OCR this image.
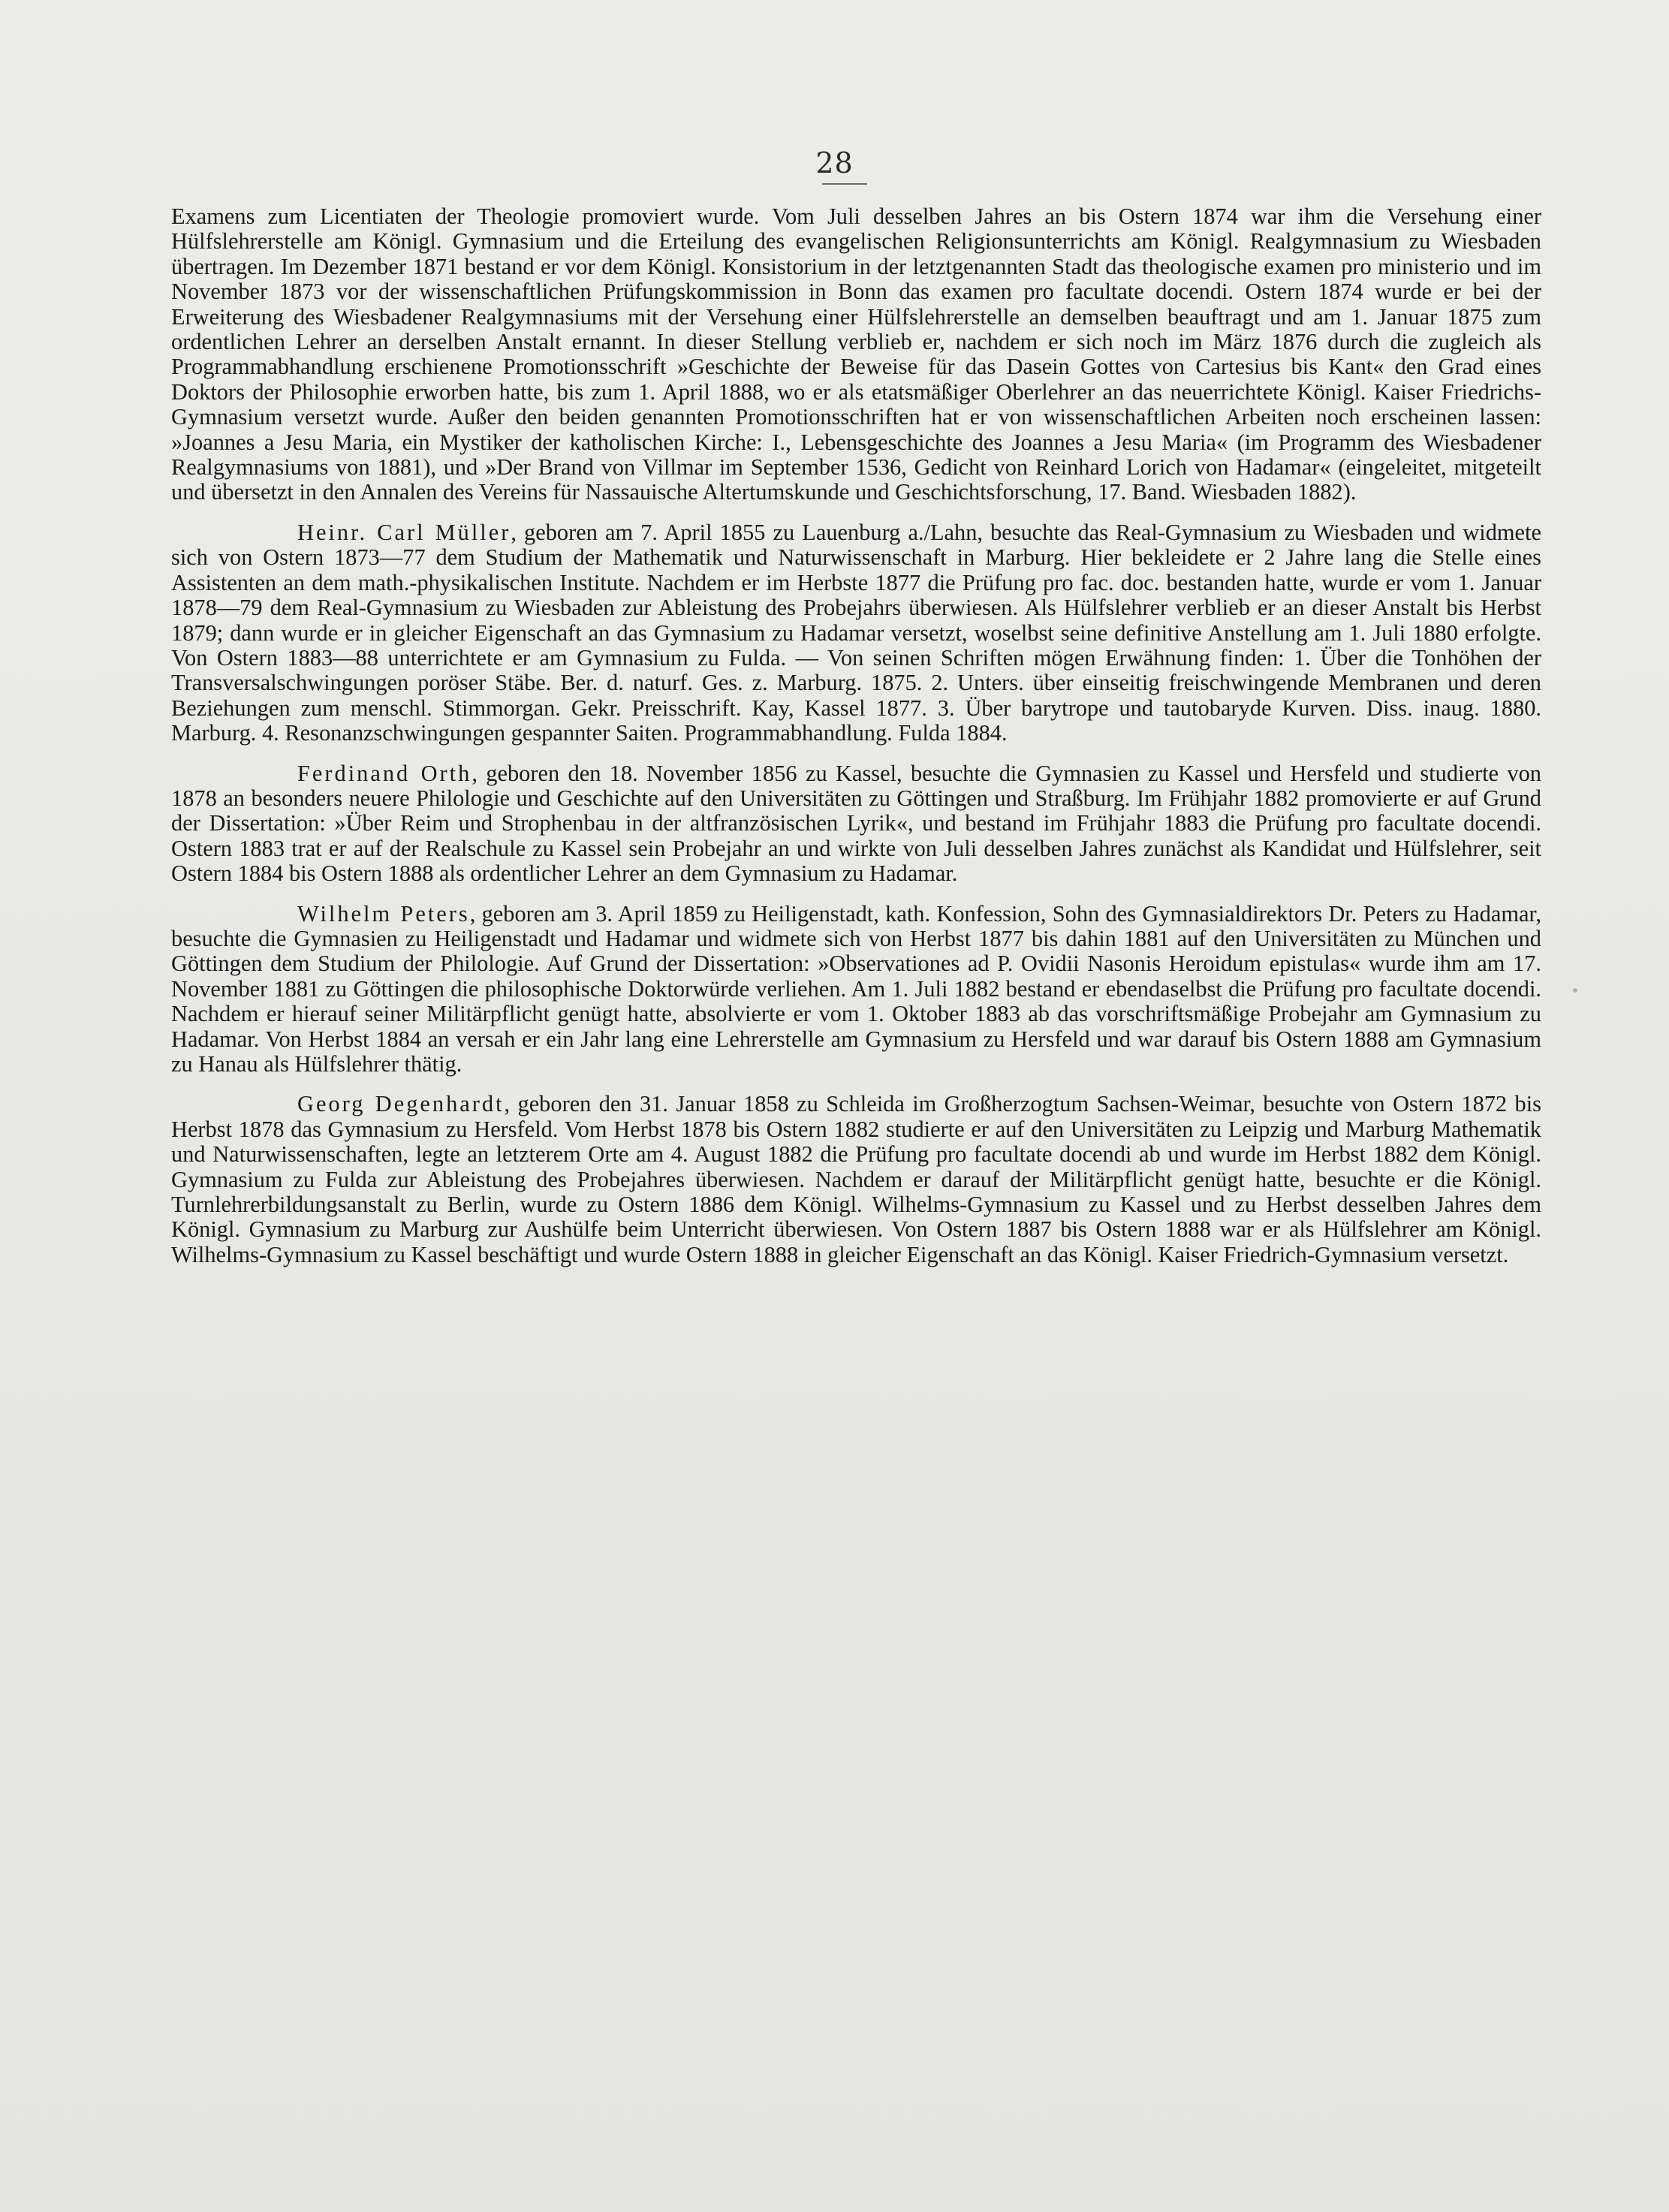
28

Examens zum Licentiaten der Theologie promoviert wurde. Vom Juli desselben Jahres an bis Ostern 1874 war ihm die Versehung einer Hülfslehrerstelle am Königl. Gymnasium und die Erteilung des evangelischen Religionsunterrichts am Königl. Realgymnasium zu Wiesbaden übertragen. Im Dezember 1871 bestand er vor dem Königl. Konsistorium in der letztgenannten Stadt das theologische examen pro ministerio und im November 1873 vor der wissenschaftlichen Prüfungskommission in Bonn das examen pro facultate docendi. Ostern 1874 wurde er bei der Erweiterung des Wiesbadener Realgymnasiums mit der Versehung einer Hülfslehrerstelle an demselben beauftragt und am 1. Januar 1875 zum ordentlichen Lehrer an derselben Anstalt ernannt. In dieser Stellung verblieb er, nachdem er sich noch im März 1876 durch die zugleich als Programmabhandlung erschienene Promotionsschrift »Geschichte der Beweise für das Dasein Gottes von Cartesius bis Kant« den Grad eines Doktors der Philosophie erworben hatte, bis zum 1. April 1888, wo er als etatsmäßiger Oberlehrer an das neuerrichtete Königl. Kaiser Friedrichs-Gymnasium versetzt wurde. Außer den beiden genannten Promotionsschriften hat er von wissenschaftlichen Arbeiten noch erscheinen lassen: »Joannes a Jesu Maria, ein Mystiker der katholischen Kirche: I., Lebensgeschichte des Joannes a Jesu Maria« (im Programm des Wiesbadener Realgymnasiums von 1881), und »Der Brand von Villmar im September 1536, Gedicht von Reinhard Lorich von Hadamar« (eingeleitet, mitgeteilt und übersetzt in den Annalen des Vereins für Nassauische Altertumskunde und Geschichtsforschung, 17. Band. Wiesbaden 1882).

Heinr. Carl Müller, geboren am 7. April 1855 zu Lauenburg a./Lahn, besuchte das Real-Gymnasium zu Wiesbaden und widmete sich von Ostern 1873—77 dem Studium der Mathematik und Naturwissenschaft in Marburg. Hier bekleidete er 2 Jahre lang die Stelle eines Assistenten an dem math.-physikalischen Institute. Nachdem er im Herbste 1877 die Prüfung pro fac. doc. bestanden hatte, wurde er vom 1. Januar 1878—79 dem Real-Gymnasium zu Wiesbaden zur Ableistung des Probejahrs überwiesen. Als Hülfslehrer verblieb er an dieser Anstalt bis Herbst 1879; dann wurde er in gleicher Eigenschaft an das Gymnasium zu Hadamar versetzt, woselbst seine definitive Anstellung am 1. Juli 1880 erfolgte. Von Ostern 1883—88 unterrichtete er am Gymnasium zu Fulda. — Von seinen Schriften mögen Erwähnung finden: 1. Über die Tonhöhen der Transversalschwingungen poröser Stäbe. Ber. d. naturf. Ges. z. Marburg. 1875. 2. Unters. über einseitig freischwingende Membranen und deren Beziehungen zum menschl. Stimmorgan. Gekr. Preisschrift. Kay, Kassel 1877. 3. Über barytrope und tautobaryde Kurven. Diss. inaug. 1880. Marburg. 4. Resonanzschwingungen gespannter Saiten. Programmabhandlung. Fulda 1884.

Ferdinand Orth, geboren den 18. November 1856 zu Kassel, besuchte die Gymnasien zu Kassel und Hersfeld und studierte von 1878 an besonders neuere Philologie und Geschichte auf den Universitäten zu Göttingen und Straßburg. Im Frühjahr 1882 promovierte er auf Grund der Dissertation: »Über Reim und Strophenbau in der altfranzösischen Lyrik«, und bestand im Frühjahr 1883 die Prüfung pro facultate docendi. Ostern 1883 trat er auf der Realschule zu Kassel sein Probejahr an und wirkte von Juli desselben Jahres zunächst als Kandidat und Hülfslehrer, seit Ostern 1884 bis Ostern 1888 als ordentlicher Lehrer an dem Gymnasium zu Hadamar.

Wilhelm Peters, geboren am 3. April 1859 zu Heiligenstadt, kath. Konfession, Sohn des Gymnasialdirektors Dr. Peters zu Hadamar, besuchte die Gymnasien zu Heiligenstadt und Hadamar und widmete sich von Herbst 1877 bis dahin 1881 auf den Universitäten zu München und Göttingen dem Studium der Philologie. Auf Grund der Dissertation: »Observationes ad P. Ovidii Nasonis Heroidum epistulas« wurde ihm am 17. November 1881 zu Göttingen die philosophische Doktorwürde verliehen. Am 1. Juli 1882 bestand er ebendaselbst die Prüfung pro facultate docendi. Nachdem er hierauf seiner Militärpflicht genügt hatte, absolvierte er vom 1. Oktober 1883 ab das vorschriftsmäßige Probejahr am Gymnasium zu Hadamar. Von Herbst 1884 an versah er ein Jahr lang eine Lehrerstelle am Gymnasium zu Hersfeld und war darauf bis Ostern 1888 am Gymnasium zu Hanau als Hülfslehrer thätig.

Georg Degenhardt, geboren den 31. Januar 1858 zu Schleida im Großherzogtum Sachsen-Weimar, besuchte von Ostern 1872 bis Herbst 1878 das Gymnasium zu Hersfeld. Vom Herbst 1878 bis Ostern 1882 studierte er auf den Universitäten zu Leipzig und Marburg Mathematik und Naturwissenschaften, legte an letzterem Orte am 4. August 1882 die Prüfung pro facultate docendi ab und wurde im Herbst 1882 dem Königl. Gymnasium zu Fulda zur Ableistung des Probejahres überwiesen. Nachdem er darauf der Militärpflicht genügt hatte, besuchte er die Königl. Turnlehrerbildungsanstalt zu Berlin, wurde zu Ostern 1886 dem Königl. Wilhelms-Gymnasium zu Kassel und zu Herbst desselben Jahres dem Königl. Gymnasium zu Marburg zur Aushülfe beim Unterricht überwiesen. Von Ostern 1887 bis Ostern 1888 war er als Hülfslehrer am Königl. Wilhelms-Gymnasium zu Kassel beschäftigt und wurde Ostern 1888 in gleicher Eigenschaft an das Königl. Kaiser Friedrich-Gymnasium versetzt.
